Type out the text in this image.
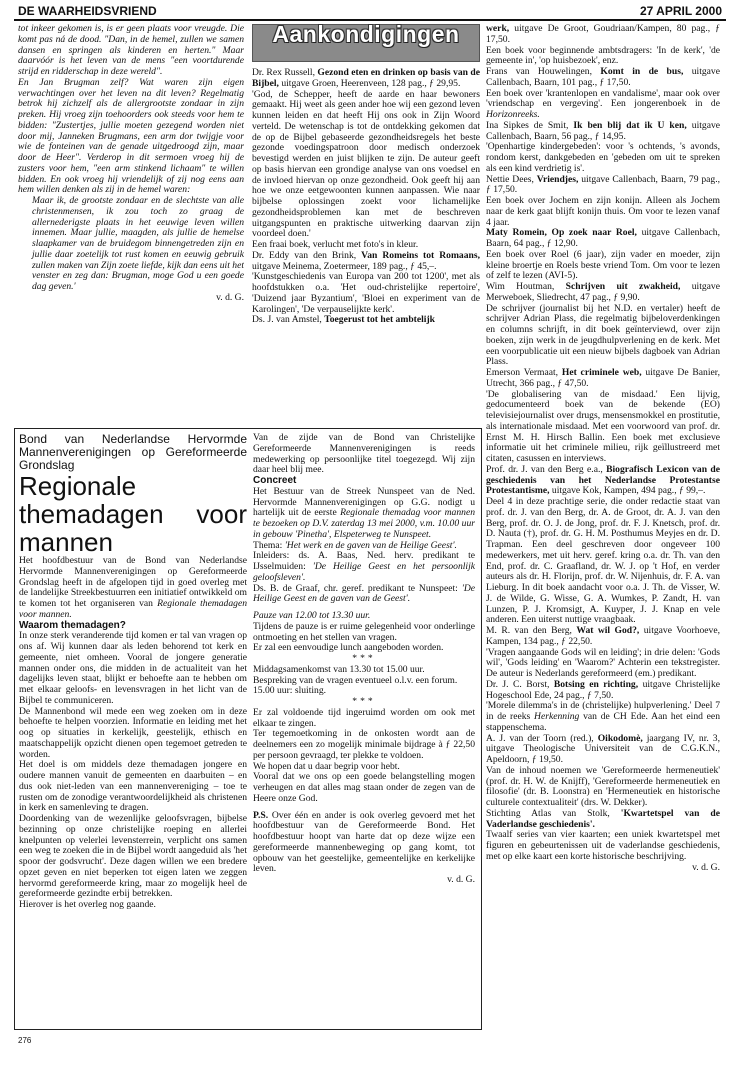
DE WAARHEIDSVRIEND	27 APRIL 2000

tot inkeer gekomen is, is er geen plaats voor vreugde. Die komt pas ná de dood. "Dan, in de hemel, zullen we samen dansen en springen als kinderen en herten." Maar daarvóór is het leven van de mens "een voortdurende strijd en ridderschap in deze wereld".

En Jan Brugman zelf? Wat waren zijn eigen verwachtingen over het leven na dit leven? Regelmatig betrok hij zichzelf als de allergrootste zondaar in zijn preken. Hij vroeg zijn toehoorders ook steeds voor hem te bidden: "Zustertjes, jullie moeten gezegend worden niet door mij, Janneken Brugmans, een arm dor twijgje voor wie de fonteinen van de genade uitgedroogd zijn, maar door de Heer". Verderop in dit sermoen vroeg hij de zusters voor hem, "een arm stinkend lichaam" te willen bidden. En ook vroeg hij vriendelijk of zij nog eens aan hem willen denken als zij in de hemel waren:

Maar ik, de grootste zondaar en de slechtste van alle christenmensen, ik zou toch zo graag de allernederigste plaats in het eeuwige leven willen innemen. Maar jullie, maagden, als jullie de hemelse slaapkamer van de bruidegom binnengetreden zijn en jullie daar zoetelijk tot rust komen en eeuwig gebruik zullen maken van Zijn zoete liefde, kijk dan eens uit het venster en zeg dan: Brugman, moge God u een goede dag geven.'

v. d. G.

Aankondigingen

Dr. Rex Russell, Gezond eten en drinken op basis van de Bijbel, uitgave Groen, Heerenveen, 128 pag., ƒ 29,95.

'God, de Schepper, heeft de aarde en haar bewoners gemaakt. Hij weet als geen ander hoe wij een gezond leven kunnen leiden en dat heeft Hij ons ook in Zijn Woord verteld. De wetenschap is tot de ontdekking gekomen dat de op de Bijbel gebaseerde gezondheidsregels het beste gezonde voedingspatroon door medisch onderzoek bevestigd werden en juist blijken te zijn. De auteur geeft op basis hiervan een grondige analyse van ons voedsel en de invloed hiervan op onze gezondheid. Ook geeft hij aan hoe we onze eetgewoonten kunnen aanpassen. Wie naar bijbelse oplossingen zoekt voor lichamelijke gezondheidsproblemen kan met de beschreven uitgangspunten en praktische uitwerking daarvan zijn voordeel doen.'

Een fraai boek, verlucht met foto's in kleur.

Dr. Eddy van den Brink, Van Romeins tot Romaans, uitgave Meinema, Zoetermeer, 189 pag., ƒ 45,–.

'Kunstgeschiedenis van Europa van 200 tot 1200', met als hoofdstukken o.a. 'Het oud-christelijke repertoire', 'Duizend jaar Byzantium', 'Bloei en experiment van de Karolingen', 'De verpauselijkte kerk'.

Ds. J. van Amstel, Toegerust tot het ambtelijk

Bond van Nederlandse Hervormde Mannenverenigingen op Gereformeerde Grondslag

Regionale themadagen voor mannen

Het hoofdbestuur van de Bond van Nederlandse Hervormde Mannenverenigingen op Gereformeerde Grondslag heeft in de afgelopen tijd in goed overleg met de landelijke Streekbestuurren een initiatief ontwikkeld om te komen tot het organiseren van Regionale themadagen voor mannen.

Waarom themadagen?

In onze sterk veranderende tijd komen er tal van vragen op ons af. Wij kunnen daar als leden behorend tot kerk en gemeente, niet omheen. Vooral de jongere generatie mannen onder ons, die midden in de actualiteit van het dagelijks leven staat, blijkt er behoefte aan te hebben om met elkaar geloofs- en levensvragen in het licht van de Bijbel te communiceren.

De Mannenbond wil mede een weg zoeken om in deze behoefte te helpen voorzien. Informatie en leiding met het oog op situaties in kerkelijk, geestelijk, ethisch en maatschappelijk opzicht dienen open tegemoet getreden te worden.

Het doel is om middels deze themadagen jongere en oudere mannen vanuit de gemeenten en daarbuiten – en dus ook niet-leden van een mannenvereniging – toe te rusten om de zonodige verantwoordelijkheid als christenen in kerk en samenleving te dragen.

Doordenking van de wezenlijke geloofsvragen, bijbelse bezinning op onze christelijke roeping en allerlei knelpunten op velerlei levensterrein, verplicht ons samen een weg te zoeken die in de Bijbel wordt aangeduid als 'het spoor der godsvrucht'. Deze dagen willen we een bredere opzet geven en niet beperken tot eigen laten we zeggen hervormd gereformeerde kring, maar zo mogelijk heel de gereformeerde gezindte erbij betrekken.

Hierover is het overleg nog gaande.

Van de zijde van de Bond van Christelijke Gereformeerde Mannenverenigingen is reeds medewerking op persoonlijke titel toegezegd. Wij zijn daar heel blij mee.

Concreet

Het Bestuur van de Streek Nunspeet van de Ned. Hervormde Mannenverenigingen op G.G. nodigt u hartelijk uit de eerste Regionale themadag voor mannen te bezoeken op D.V. zaterdag 13 mei 2000, v.m. 10.00 uur in gebouw 'Pinetha', Elspeterweg te Nunspeet.

Thema: 'Het werk en de gaven van de Heilige Geest'.

Inleiders: ds. A. Baas, Ned. herv. predikant te IJsselmuiden: 'De Heilige Geest en het persoonlijk geloofsleven'.

Ds. B. de Graaf, chr. geref. predikant te Nunspeet: 'De Heilige Geest en de gaven van de Geest'.

Pauze van 12.00 tot 13.30 uur.

Tijdens de pauze is er ruime gelegenheid voor onderlinge ontmoeting en het stellen van vragen.

Er zal een eenvoudige lunch aangeboden worden.

***

Middagsamenkomst van 13.30 tot 15.00 uur.

Bespreking van de vragen eventueel o.l.v. een forum.

15.00 uur: sluiting.

***

Er zal voldoende tijd ingeruimd worden om ook met elkaar te zingen.

Ter tegemoetkoming in de onkosten wordt aan de deelnemers een zo mogelijk minimale bijdrage à ƒ 22,50 per persoon gevraagd, ter plekke te voldoen.

We hopen dat u daar begrip voor hebt.

Vooral dat we ons op een goede belangstelling mogen verheugen en dat alles mag staan onder de zegen van de Heere onze God.

P.S. Over één en ander is ook overleg gevoerd met het hoofdbestuur van de Gereformeerde Bond. Het hoofdbestuur hoopt van harte dat op deze wijze een gereformeerde mannenbeweging op gang komt, tot opbouw van het geestelijke, gemeentelijke en kerkelijke leven.

v. d. G.

werk, uitgave De Groot, Goudriaan/Kampen, 80 pag., ƒ 17,50.

Een boek voor beginnende ambtsdragers: 'In de kerk', 'de gemeente in', 'op huisbezoek', enz.

Frans van Houwelingen, Komt in de bus, uitgave Callenbach, Baarn, 101 pag., ƒ 17,50.

Een boek over 'krantenlopen en vandalisme', maar ook over 'vriendschap en vergeving'. Een jongerenboek in de Horizonreeks.

Ina Sipkes de Smit, Ik ben blij dat ik U ken, uitgave Callenbach, Baarn, 56 pag., ƒ 14,95.

'Openhartige kindergebeden': voor 's ochtends, 's avonds, rondom kerst, dankgebeden en 'gebeden om uit te spreken als een kind verdrietig is'.

Nettie Dees, Vriendjes, uitgave Callenbach, Baarn, 79 pag., ƒ 17,50.

Een boek over Jochem en zijn konijn. Alleen als Jochem naar de kerk gaat blijft konijn thuis. Om voor te lezen vanaf 4 jaar.

Maty Romein, Op zoek naar Roel, uitgave Callenbach, Baarn, 64 pag., ƒ 12,90.

Een boek over Roel (6 jaar), zijn vader en moeder, zijn kleine broertje en Roels beste vriend Tom. Om voor te lezen of zelf te lezen (AVI-5).

Wim Houtman, Schrijven uit zwakheid, uitgave Merweboek, Sliedrecht, 47 pag., ƒ 9,90.

De schrijver (journalist bij het N.D. en vertaler) heeft de schrijver Adrian Plass, die regelmatig bijbeloverdenkingen en columns schrijft, in dit boek geïnterviewd, over zijn boeken, zijn werk in de jeugdhulpverlening en de kerk. Met een voorpublicatie uit een nieuw bijbels dagboek van Adrian Plass.

Emerson Vermaat, Het criminele web, uitgave De Banier, Utrecht, 366 pag., ƒ 47,50.

'De globalisering van de misdaad.' Een lijvig, gedocumenteerd boek van de bekende (EO) televisiejournalist over drugs, mensensmokkel en prostitutie, als internationale misdaad. Met een voorwoord van prof. dr. Ernst M. H. Hirsch Ballin. Een boek met exclusieve informatie uit het criminele milieu, rijk geïllustreerd met citaten, casussen en interviews.

Prof. dr. J. van den Berg e.a., Biografisch Lexicon van de geschiedenis van het Nederlandse Protestantse Protestantisme, uitgave Kok, Kampen, 494 pag., ƒ 99,–.

Deel 4 in deze prachtige serie, die onder redactie staat van prof. dr. J. van den Berg, dr. A. de Groot, dr. A. J. van den Berg, prof. dr. O. J. de Jong, prof. dr. F. J. Knetsch, prof. dr. D. Nauta (†), prof. dr. G. H. M. Posthumus Meyjes en dr. D. Trapman. Een deel geschreven door ongeveer 100 medewerkers, met uit herv. geref. kring o.a. dr. Th. van den End, prof. dr. C. Graafland, dr. W. J. op 't Hof, en verder auteurs als dr. H. Florijn, prof. dr. W. Nijenhuis, dr. F. A. van Lieburg. In dit boek aandacht voor o.a. J. Th. de Visser, W. J. de Wilde, G. Wisse, G. A. Wumkes, P. Zandt, H. van Lunzen, P. J. Kromsigt, A. Kuyper, J. J. Knap en vele anderen. Een uiterst nuttige vraagbaak.

M. R. van den Berg, Wat wil God?, uitgave Voorhoeve, Kampen, 134 pag., ƒ 22,50.

'Vragen aangaande Gods wil en leiding'; in drie delen: 'Gods wil', 'Gods leiding' en 'Waarom?' Achterin een tekstregister. De auteur is Nederlands gereformeerd (em.) predikant.

Dr. J. C. Borst, Botsing en richting, uitgave Christelijke Hogeschool Ede, 24 pag., ƒ 7,50.

'Morele dilemma's in de (christelijke) hulpverlening.' Deel 7 in de reeks Herkenning van de CH Ede. Aan het eind een stappenschema.

A. J. van der Toorn (red.), Oikodomè, jaargang IV, nr. 3, uitgave Theologische Universiteit van de C.G.K.N., Apeldoorn, ƒ 19,50.

Van de inhoud noemen we 'Gereformeerde hermeneutiek' (prof. dr. H. W. de Knijff), 'Gereformeerde hermeneutiek en filosofie' (dr. B. Loonstra) en 'Hermeneutiek en historische culturele contextualiteit' (drs. W. Dekker).

Stichting Atlas van Stolk, 'Kwartetspel van de Vaderlandse geschiedenis'.

Twaalf series van vier kaarten; een uniek kwartetspel met figuren en gebeurtenissen uit de vaderlandse geschiedenis, met op elke kaart een korte historische beschrijving.

v. d. G.

276
